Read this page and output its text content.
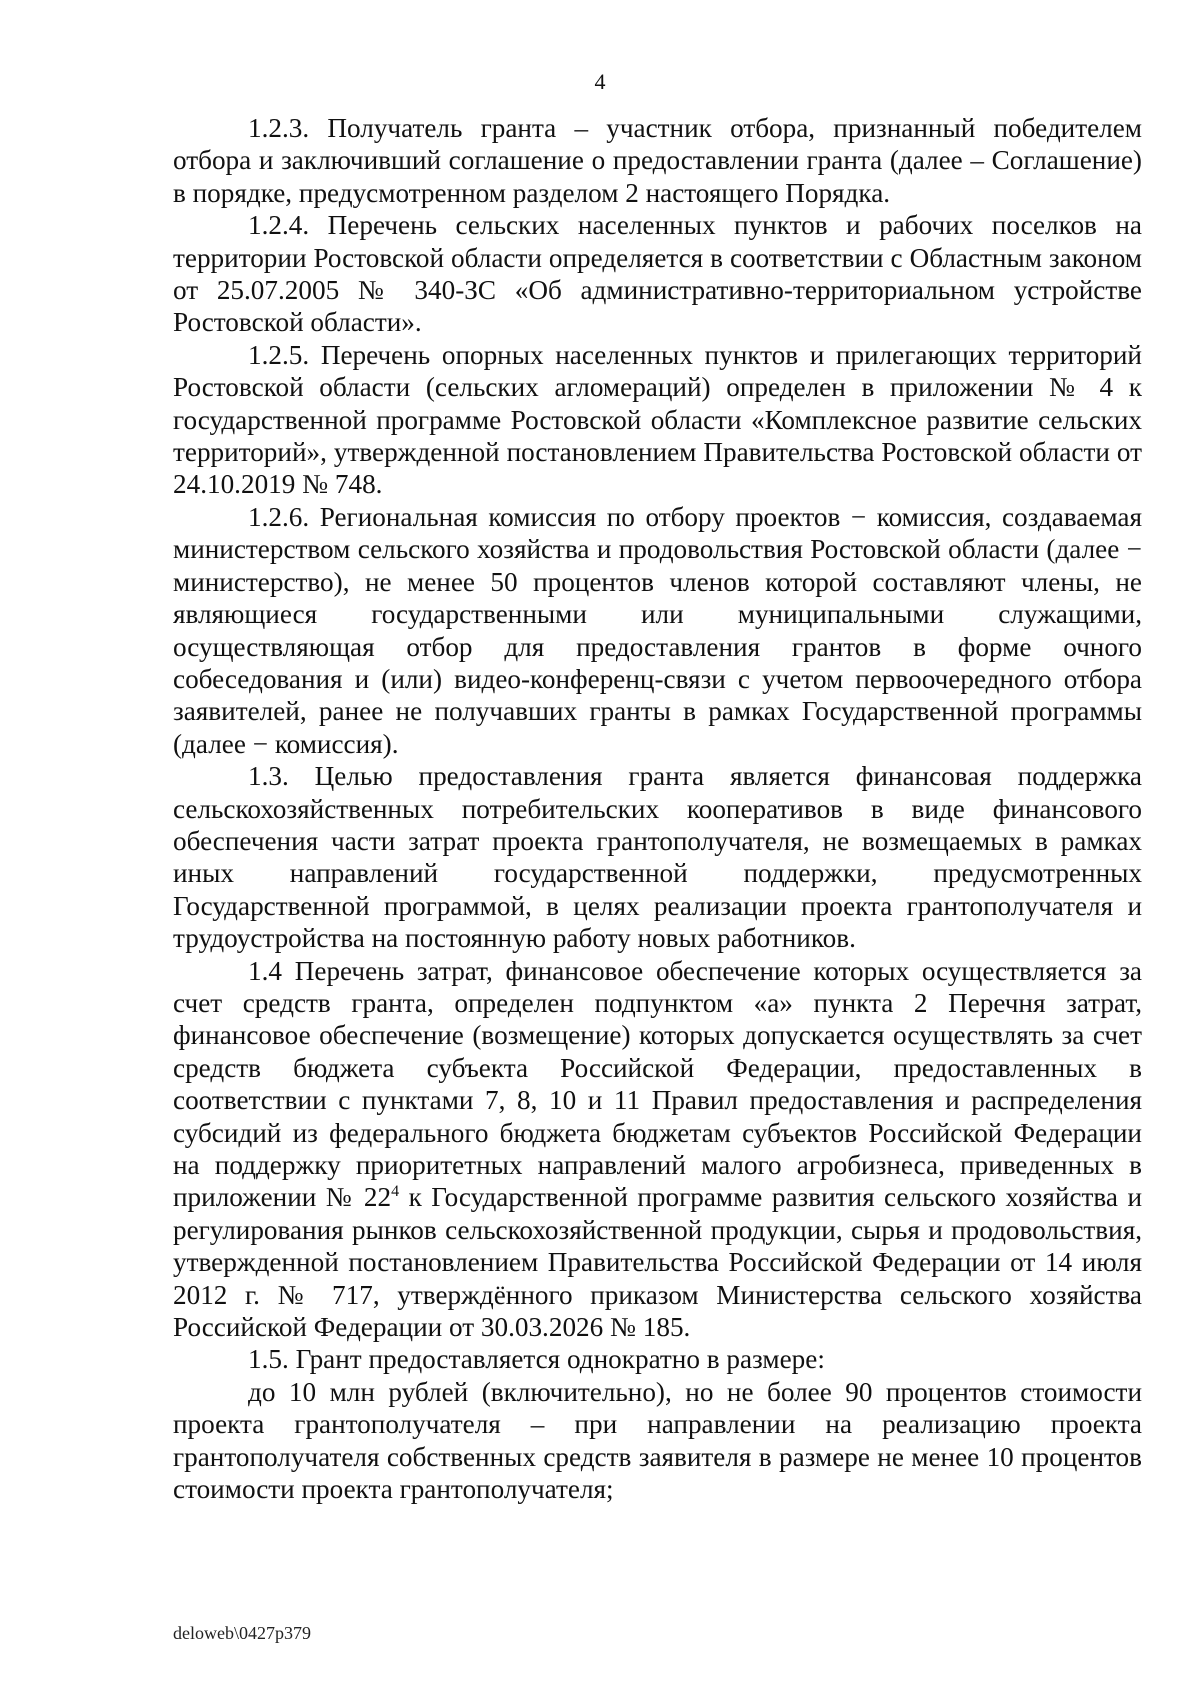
4

1.2.3. Получатель гранта – участник отбора, признанный победителем отбора и заключивший соглашение о предоставлении гранта (далее – Соглашение) в порядке, предусмотренном разделом 2 настоящего Порядка.

1.2.4. Перечень сельских населенных пунктов и рабочих поселков на территории Ростовской области определяется в соответствии с Областным законом от 25.07.2005 № 340-ЗС «Об административно-территориальном устройстве Ростовской области».

1.2.5. Перечень опорных населенных пунктов и прилегающих территорий Ростовской области (сельских агломераций) определен в приложении № 4 к государственной программе Ростовской области «Комплексное развитие сельских территорий», утвержденной постановлением Правительства Ростовской области от 24.10.2019 № 748.

1.2.6. Региональная комиссия по отбору проектов − комиссия, создаваемая министерством сельского хозяйства и продовольствия Ростовской области (далее − министерство), не менее 50 процентов членов которой составляют члены, не являющиеся государственными или муниципальными служащими, осуществляющая отбор для предоставления грантов в форме очного собеседования и (или) видео-конференц-связи с учетом первоочередного отбора заявителей, ранее не получавших гранты в рамках Государственной программы (далее − комиссия).

1.3. Целью предоставления гранта является финансовая поддержка сельскохозяйственных потребительских кооперативов в виде финансового обеспечения части затрат проекта грантополучателя, не возмещаемых в рамках иных направлений государственной поддержки, предусмотренных Государственной программой, в целях реализации проекта грантополучателя и трудоустройства на постоянную работу новых работников.

1.4 Перечень затрат, финансовое обеспечение которых осуществляется за счет средств гранта, определен подпунктом «а» пункта 2 Перечня затрат, финансовое обеспечение (возмещение) которых допускается осуществлять за счет средств бюджета субъекта Российской Федерации, предоставленных в соответствии с пунктами 7, 8, 10 и 11 Правил предоставления и распределения субсидий из федерального бюджета бюджетам субъектов Российской Федерации на поддержку приоритетных направлений малого агробизнеса, приведенных в приложении № $22^4$ к Государственной программе развития сельского хозяйства и регулирования рынков сельскохозяйственной продукции, сырья и продовольствия, утвержденной постановлением Правительства Российской Федерации от 14 июля 2012 г. № 717, утверждённого приказом Министерства сельского хозяйства Российской Федерации от 30.03.2026 № 185.

1.5. Грант предоставляется однократно в размере:

до 10 млн рублей (включительно), но не более 90 процентов стоимости проекта грантополучателя – при направлении на реализацию проекта грантополучателя собственных средств заявителя в размере не менее 10 процентов стоимости проекта грантополучателя;

deloweb\0427p379
